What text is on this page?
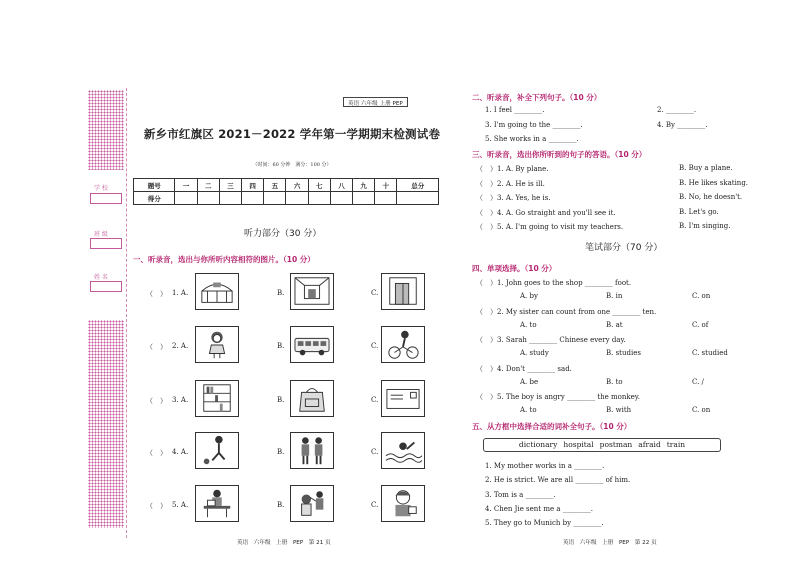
学 校
班 级
姓 名
英语 六年级 上册 PEP
新乡市红旗区 2021－2022 学年第一学期期末检测试卷
（时间：60 分钟　满分：100 分）
题号	一	二	三	四	五	六	七	八	九	十	总分
得分											
听力部分（30 分）
一、听录音，选出与你所听内容相符的图片。（10 分）
（　） 1. A.	B.	C.
（　） 2. A.	B.	C.
（　） 3. A.	B.	C.
（　） 4. A.	B.	C.
（　） 5. A.	B.	C.
英语　六年级　上册　PEP　第 21 页
二、听录音，补全下列句子。（10 分）
1. I feel ________.	2. ________.
3. I'm going to the ________.	4. By ________.
5. She works in a ________.
三、听录音，选出你所听到的句子的答语。（10 分）
（　）1. A. By plane.	B. Buy a plane.
（　）2. A. He is ill.	B. He likes skating.
（　）3. A. Yes, he is.	B. No, he doesn't.
（　）4. A. Go straight and you'll see it.	B. Let's go.
（　）5. A. I'm going to visit my teachers.	B. I'm singing.
笔试部分（70 分）
四、单项选择。（10 分）
（　）1. John goes to the shop ________ foot.
A. by	B. in	C. on
（　）2. My sister can count from one ________ ten.
A. to	B. at	C. of
（　）3. Sarah ________ Chinese every day.
A. study	B. studies	C. studied
（　）4. Don't ________ sad.
A. be	B. to	C. /
（　）5. The boy is angry ________ the monkey.
A. to	B. with	C. on
五、从方框中选择合适的词补全句子。（10 分）
dictionary hospital postman afraid train
1. My mother works in a ________.
2. He is strict. We are all ________ of him.
3. Tom is a ________.
4. Chen Jie sent me a ________.
5. They go to Munich by ________.
英语　六年级　上册　PEP　第 22 页
